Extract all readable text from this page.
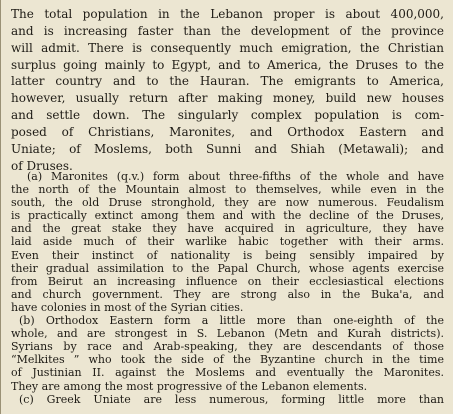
The total population in the Lebanon proper is about 400,000,
and is increasing faster than the development of the province
will admit. There is consequently much emigration, the Christian
surplus going mainly to Egypt, and to America, the Druses to the
latter country and to the Hauran. The emigrants to America,
however, usually return after making money, build new houses
and settle down. The singularly complex population is com-
posed of Christians, Maronites, and Orthodox Eastern and
Uniate; of Moslems, both Sunni and Shiah (Metawali); and
of Druses.
(a) Maronites (q.v.) form about three-fifths of the whole and have
the north of the Mountain almost to themselves, while even in the
south, the old Druse stronghold, they are now numerous. Feudalism
is practically extinct among them and with the decline of the Druses,
and the great stake they have acquired in agriculture, they have
laid aside much of their warlike habic together with their arms.
Even their instinct of nationality is being sensibly impaired by
their gradual assimilation to the Papal Church, whose agents exercise
from Beirut an increasing influence on their ecclesiastical elections
and church government. They are strong also in the Buka'a, and
have colonies in most of the Syrian cities.
(b) Orthodox Eastern form a little more than one-eighth of the
whole, and are strongest in S. Lebanon (Metn and Kurah districts).
Syrians by race and Arab-speaking, they are descendants of those
“Melkites ” who took the side of the Byzantine church in the time
of Justinian II. against the Moslems and eventually the Maronites.
They are among the most progressive of the Lebanon elements.
(c) Greek Uniate are less numerous, forming little more than
